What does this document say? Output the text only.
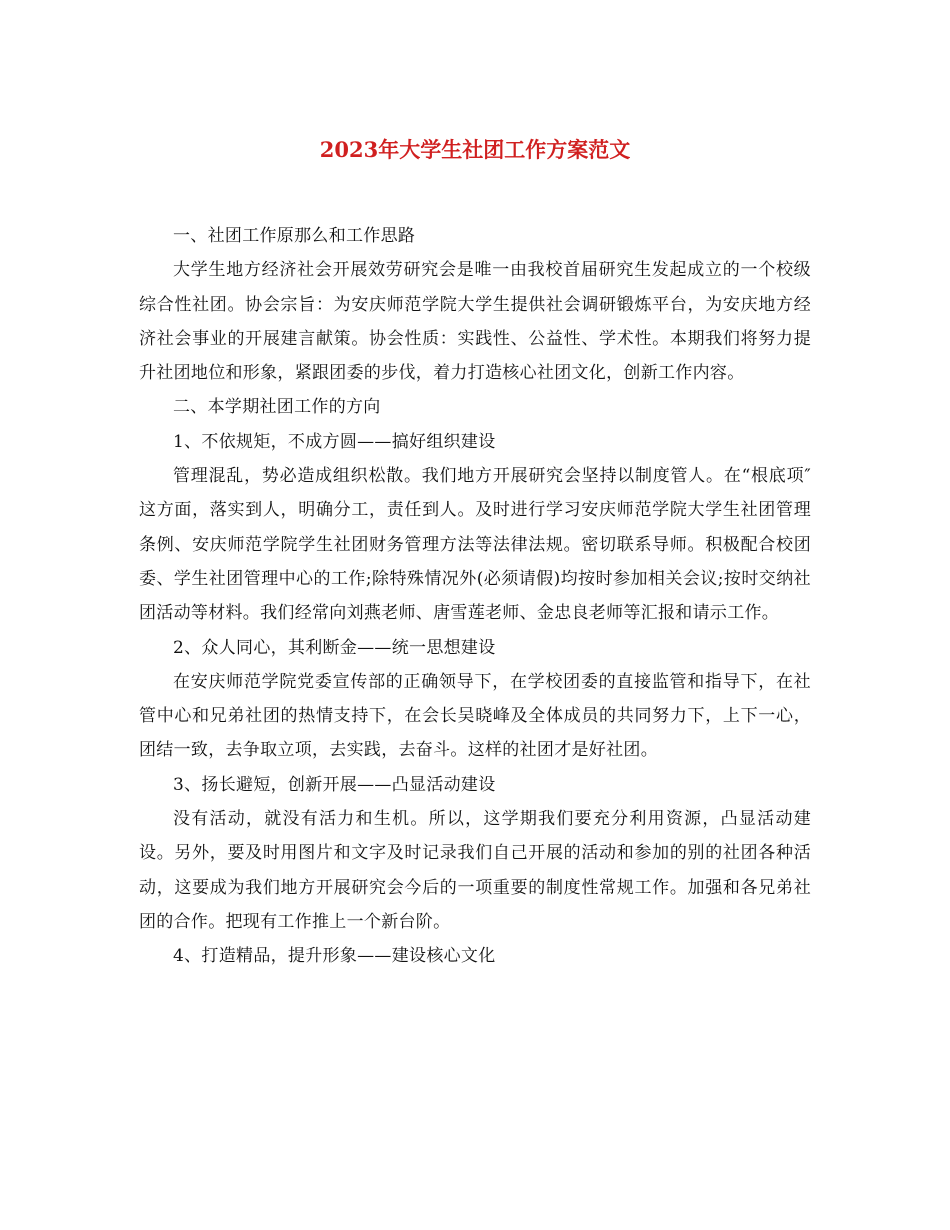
2023年大学生社团工作方案范文

一、社团工作原那么和工作思路

大学生地方经济社会开展效劳研究会是唯一由我校首届研究生发起成立的一个校级综合性社团。协会宗旨：为安庆师范学院大学生提供社会调研锻炼平台，为安庆地方经济社会事业的开展建言献策。协会性质：实践性、公益性、学术性。本期我们将努力提升社团地位和形象，紧跟团委的步伐，着力打造核心社团文化，创新工作内容。

二、本学期社团工作的方向

1、不依规矩，不成方圆——搞好组织建设

管理混乱，势必造成组织松散。我们地方开展研究会坚持以制度管人。在“根底项″这方面，落实到人，明确分工，责任到人。及时进行学习安庆师范学院大学生社团管理条例、安庆师范学院学生社团财务管理方法等法律法规。密切联系导师。积极配合校团委、学生社团管理中心的工作;除特殊情况外(必须请假)均按时参加相关会议;按时交纳社团活动等材料。我们经常向刘燕老师、唐雪莲老师、金忠良老师等汇报和请示工作。

2、众人同心，其利断金——统一思想建设

在安庆师范学院党委宣传部的正确领导下，在学校团委的直接监管和指导下，在社管中心和兄弟社团的热情支持下，在会长吴晓峰及全体成员的共同努力下，上下一心，团结一致，去争取立项，去实践，去奋斗。这样的社团才是好社团。

3、扬长避短，创新开展——凸显活动建设

没有活动，就没有活力和生机。所以，这学期我们要充分利用资源，凸显活动建设。另外，要及时用图片和文字及时记录我们自己开展的活动和参加的别的社团各种活动，这要成为我们地方开展研究会今后的一项重要的制度性常规工作。加强和各兄弟社团的合作。把现有工作推上一个新台阶。

4、打造精品，提升形象——建设核心文化
